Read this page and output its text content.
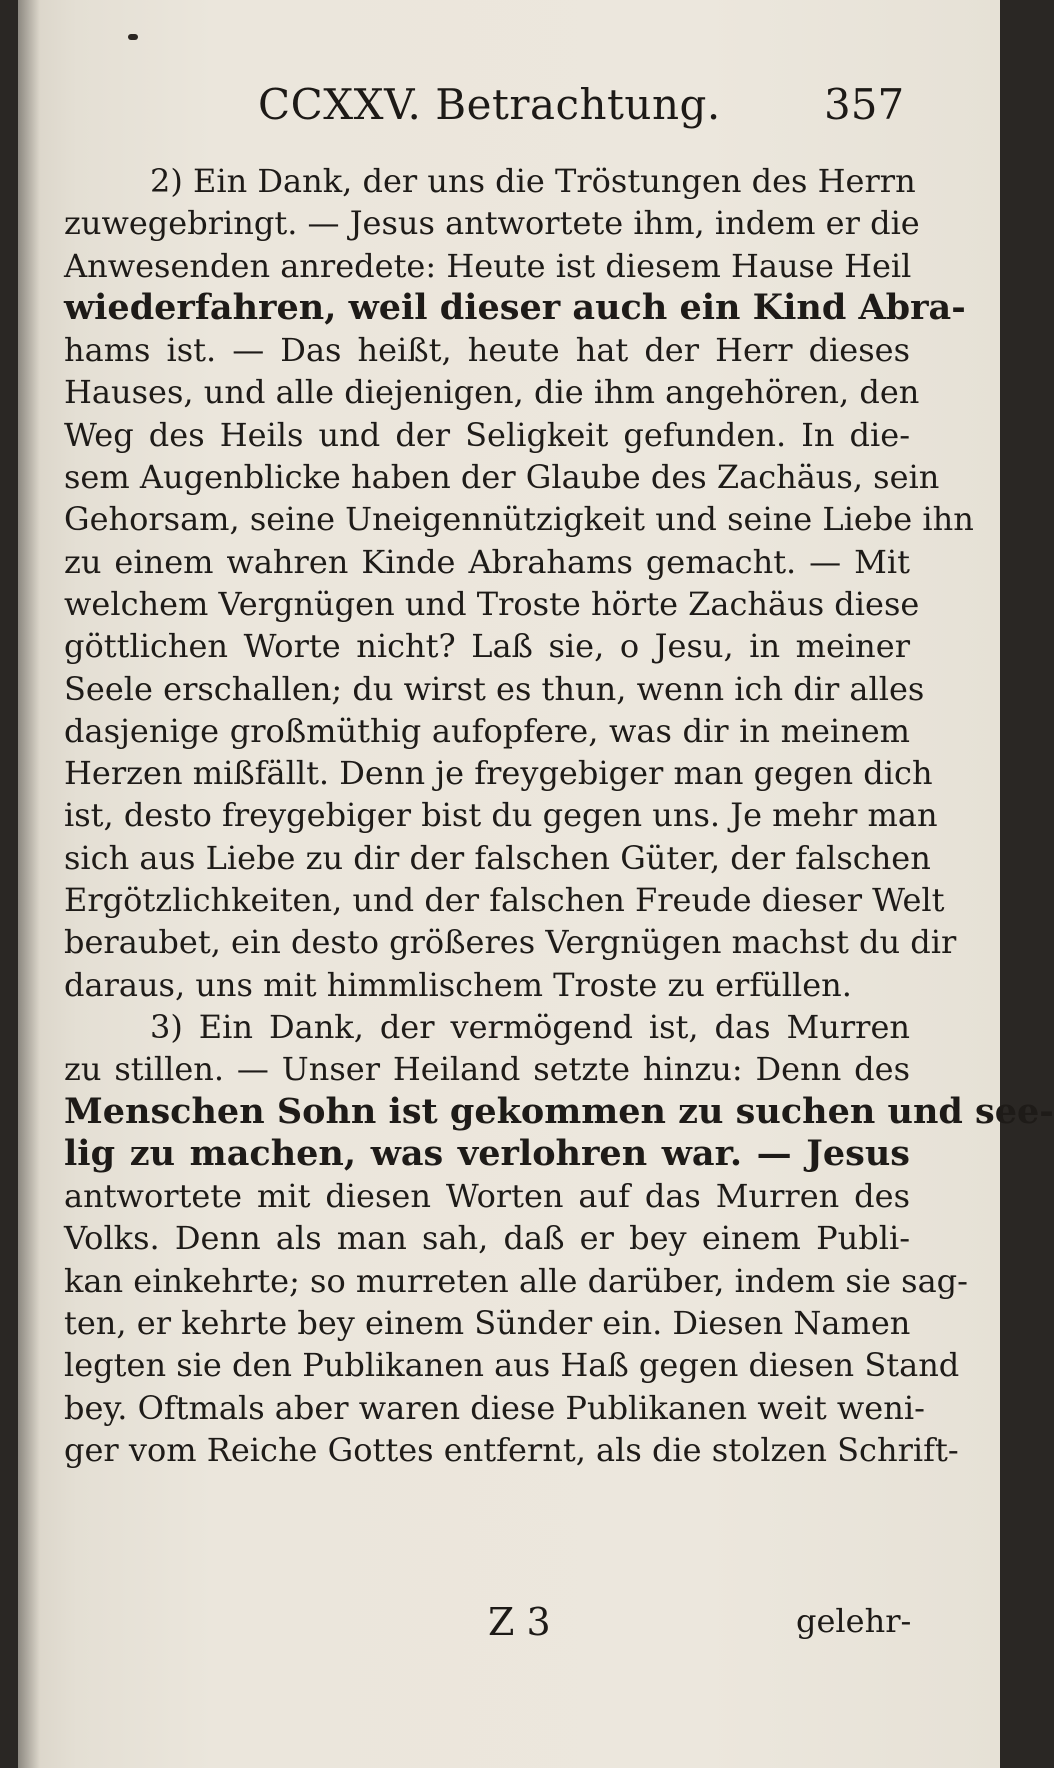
CCXXV. Betrachtung. 357
2) Ein Dank, der uns die Tröstungen des Herrn
zuwegebringt. — Jesus antwortete ihm, indem er die
Anwesenden anredete: Heute ist diesem Hause Heil
wiederfahren, weil dieser auch ein Kind Abra-
hams ist. — Das heißt, heute hat der Herr dieses
Hauses, und alle diejenigen, die ihm angehören, den
Weg des Heils und der Seligkeit gefunden. In die-
sem Augenblicke haben der Glaube des Zachäus, sein
Gehorsam, seine Uneigennützigkeit und seine Liebe ihn
zu einem wahren Kinde Abrahams gemacht. — Mit
welchem Vergnügen und Troste hörte Zachäus diese
göttlichen Worte nicht? Laß sie, o Jesu, in meiner
Seele erschallen; du wirst es thun, wenn ich dir alles
dasjenige großmüthig aufopfere, was dir in meinem
Herzen mißfällt. Denn je freygebiger man gegen dich
ist, desto freygebiger bist du gegen uns. Je mehr man
sich aus Liebe zu dir der falschen Güter, der falschen
Ergötzlichkeiten, und der falschen Freude dieser Welt
beraubet, ein desto größeres Vergnügen machst du dir
daraus, uns mit himmlischem Troste zu erfüllen.
3) Ein Dank, der vermögend ist, das Murren
zu stillen. — Unser Heiland setzte hinzu: Denn des
Menschen Sohn ist gekommen zu suchen und see-
lig zu machen, was verlohren war. — Jesus
antwortete mit diesen Worten auf das Murren des
Volks. Denn als man sah, daß er bey einem Publi-
kan einkehrte; so murreten alle darüber, indem sie sag-
ten, er kehrte bey einem Sünder ein. Diesen Namen
legten sie den Publikanen aus Haß gegen diesen Stand
bey. Oftmals aber waren diese Publikanen weit weni-
ger vom Reiche Gottes entfernt, als die stolzen Schrift-
Z 3	gelehr-
